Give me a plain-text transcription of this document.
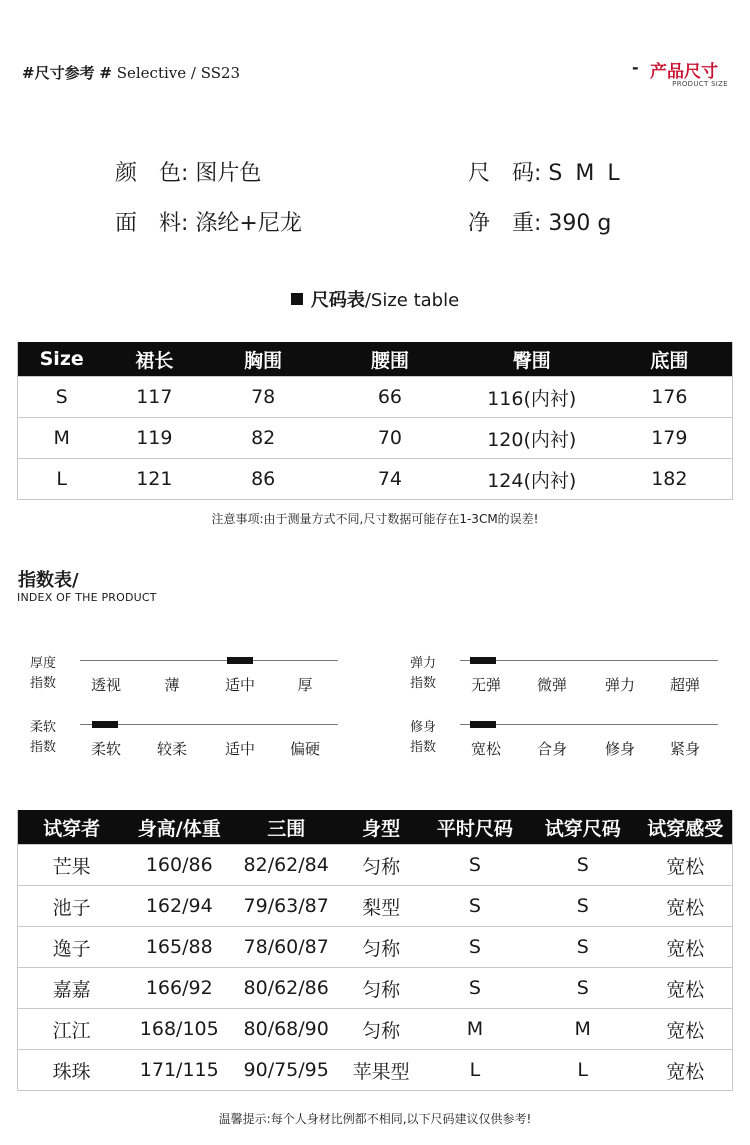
#尺寸参考 # Selective / SS23	- 产品尺寸
PRODUCT SIZE
颜　色: 图片色	尺　码: S M L
面　料: 涤纶+尼龙	净　重: 390 g
尺码表/Size table
Size	裙长	胸围	腰围	臀围	底围
S	117	78	66	116(内衬)	176
M	119	82	70	120(内衬)	179
L	121	86	74	124(内衬)	182
注意事项:由于测量方式不同,尺寸数据可能存在1-3CM的误差!
指数表/
INDEX OF THE PRODUCT
厚度
指数	透视	薄	适中	厚
弹力
指数	无弹	微弹	弹力	超弹
柔软
指数	柔软	较柔	适中	偏硬
修身
指数	宽松	合身	修身	紧身
试穿者	身高/体重	三围	身型	平时尺码	试穿尺码	试穿感受
芒果	160/86	82/62/84	匀称	S	S	宽松
池子	162/94	79/63/87	梨型	S	S	宽松
逸子	165/88	78/60/87	匀称	S	S	宽松
嘉嘉	166/92	80/62/86	匀称	S	S	宽松
江江	168/105	80/68/90	匀称	M	M	宽松
珠珠	171/115	90/75/95	苹果型	L	L	宽松
温馨提示:每个人身材比例都不相同,以下尺码建议仅供参考!
